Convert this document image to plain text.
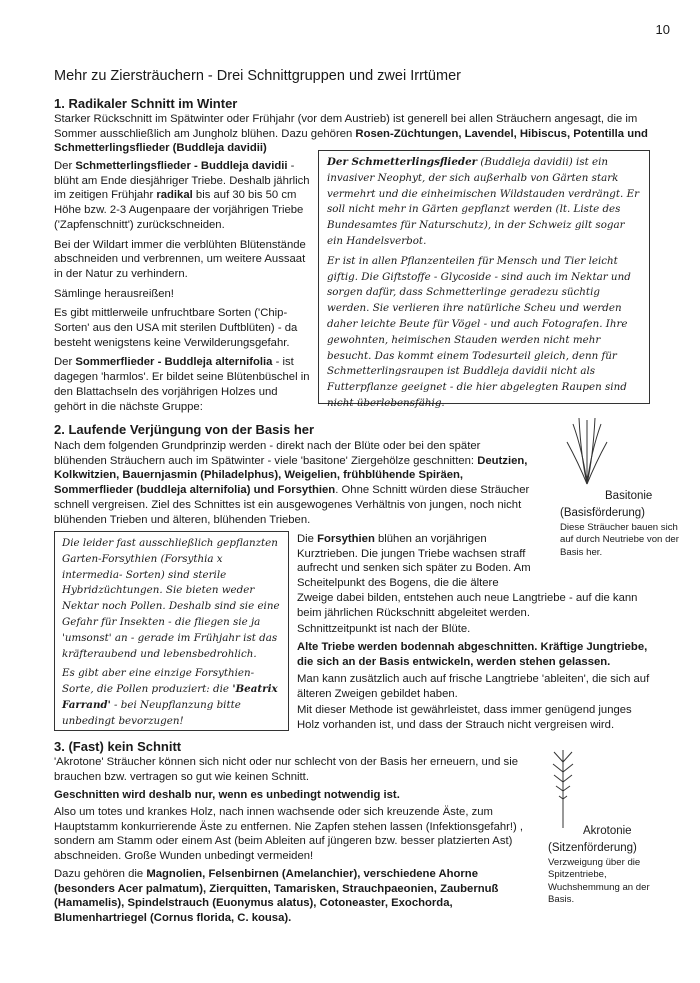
10
Mehr zu Ziersträuchern - Drei Schnittgruppen und zwei Irrtümer
1. Radikaler Schnitt im Winter
Starker Rückschnitt im Spätwinter oder Frühjahr (vor dem Austrieb) ist generell bei allen Sträuchern angesagt, die im Sommer ausschließlich am Jungholz blühen. Dazu gehören Rosen-Züchtungen, Lavendel, Hibiscus, Potentilla und Schmetterlingsflieder (Buddleja davidii)
Der Schmetterlingsflieder - Buddleja davidii - blüht am Ende diesjähriger Triebe. Deshalb jährlich im zeitigen Frühjahr radikal bis auf 30 bis 50 cm Höhe bzw. 2-3 Augenpaare der vorjährigen Triebe ('Zapfenschnitt') zurückschneiden.
Bei der Wildart immer die verblühten Blütenstände abschneiden und verbrennen, um weitere Aussaat in der Natur zu verhindern.
Sämlinge herausreißen!
Es gibt mittlerweile unfruchtbare Sorten ('Chip-Sorten' aus den USA mit sterilen Duftblüten) - da besteht wenigstens keine Verwilderungsgefahr.
Der Sommerflieder - Buddleja alternifolia - ist dagegen 'harmlos'. Er bildet seine Blütenbüschel in den Blattachseln des vorjährigen Holzes und gehört in die nächste Gruppe:

Der Schmetterlingsflieder (Buddleja davidii) ist ein invasiver Neophyt, der sich außerhalb von Gärten stark vermehrt und die einheimischen Wildstauden verdrängt. Er soll nicht mehr in Gärten gepflanzt werden (lt. Liste des Bundesamtes für Naturschutz), in der Schweiz gilt sogar ein Handelsverbot.

Er ist in allen Pflanzenteilen für Mensch und Tier leicht giftig. Die Giftstoffe - Glycoside - sind auch im Nektar und sorgen dafür, dass Schmetterlinge geradezu süchtig werden. Sie verlieren ihre natürliche Scheu und werden daher leichte Beute für Vögel - und auch Fotografen. Ihre gewohnten, heimischen Stauden werden nicht mehr besucht. Das kommt einem Todesurteil gleich, denn für Schmetterlingsraupen ist Buddleja davidii nicht als Futterpflanze geeignet - die hier abgelegten Raupen sind nicht überlebensfähig.

2. Laufende Verjüngung von der Basis her
Nach dem folgenden Grundprinzip werden - direkt nach der Blüte oder bei den später blühenden Sträuchern auch im Spätwinter - viele 'basitone' Ziergehölze geschnitten: Deutzien, Kolkwitzien, Bauernjasmin (Philadelphus), Weigelien, frühblühende Spiräen, Sommerflieder (buddleja alternifolia) und Forsythien. Ohne Schnitt würden diese Sträucher schnell vergreisen. Ziel des Schnittes ist ein ausgewogenes Verhältnis von jungen, noch nicht blühenden Trieben und älteren, blühenden Trieben.
Basitonie
(Basisförderung)
Diese Sträucher bauen sich auf durch Neutriebe von der Basis her.

Die leider fast ausschließlich gepflanzten Garten-Forsythien (Forsythia x intermedia- Sorten) sind sterile Hybridzüchtungen. Sie bieten weder Nektar noch Pollen. Deshalb sind sie eine Gefahr für Insekten - die fliegen sie ja 'umsonst' an - gerade im Frühjahr ist das kräfteraubend und lebensbedrohlich.

Es gibt aber eine einzige Forsythien-Sorte, die Pollen produziert: die 'Beatrix Farrand' - bei Neupflanzung bitte unbedingt bevorzugen!

Die Forsythien blühen an vorjährigen Kurztrieben. Die jungen Triebe wachsen straff aufrecht und senken sich später zu Boden. Am Scheitelpunkt des Bogens, die die ältere
Zweige dabei bilden, entstehen auch neue Langtriebe - auf die kann beim jährlichen Rückschnitt abgeleitet werden.
Schnittzeitpunkt ist nach der Blüte.
Alte Triebe werden bodennah abgeschnitten. Kräftige Jungtriebe, die sich an der Basis entwickeln, werden stehen gelassen.
Man kann zusätzlich auch auf frische Langtriebe 'ableiten', die sich auf älteren Zweigen gebildet haben.
Mit dieser Methode ist gewährleistet, dass immer genügend junges Holz vorhanden ist, und dass der Strauch nicht vergreisen wird.
3. (Fast) kein Schnitt
'Akrotone' Sträucher können sich nicht oder nur schlecht von der Basis her erneuern, und sie brauchen bzw. vertragen so gut wie keinen Schnitt.
Geschnitten wird deshalb nur, wenn es unbedingt notwendig ist.
Also um totes und krankes Holz, nach innen wachsende oder sich kreuzende Äste, zum Hauptstamm konkurrierende Äste zu entfernen. Nie Zapfen stehen lassen (Infektionsgefahr!) , sondern am Stamm oder einem Ast (beim Ableiten auf jüngeren bzw. besser platzierten Ast) abschneiden. Große Wunden unbedingt vermeiden!
Dazu gehören die Magnolien, Felsenbirnen (Amelanchier), verschiedene Ahorne (besonders Acer palmatum), Zierquitten, Tamarisken, Strauchpaeonien, Zaubernuß (Hamamelis), Spindelstrauch (Euonymus alatus), Cotoneaster, Exochorda, Blumenhartriegel (Cornus florida, C. kousa).
Akrotonie
(Sitzenförderung)
Verzweigung über die Spitzentriebe, Wuchshemmung an der Basis.
